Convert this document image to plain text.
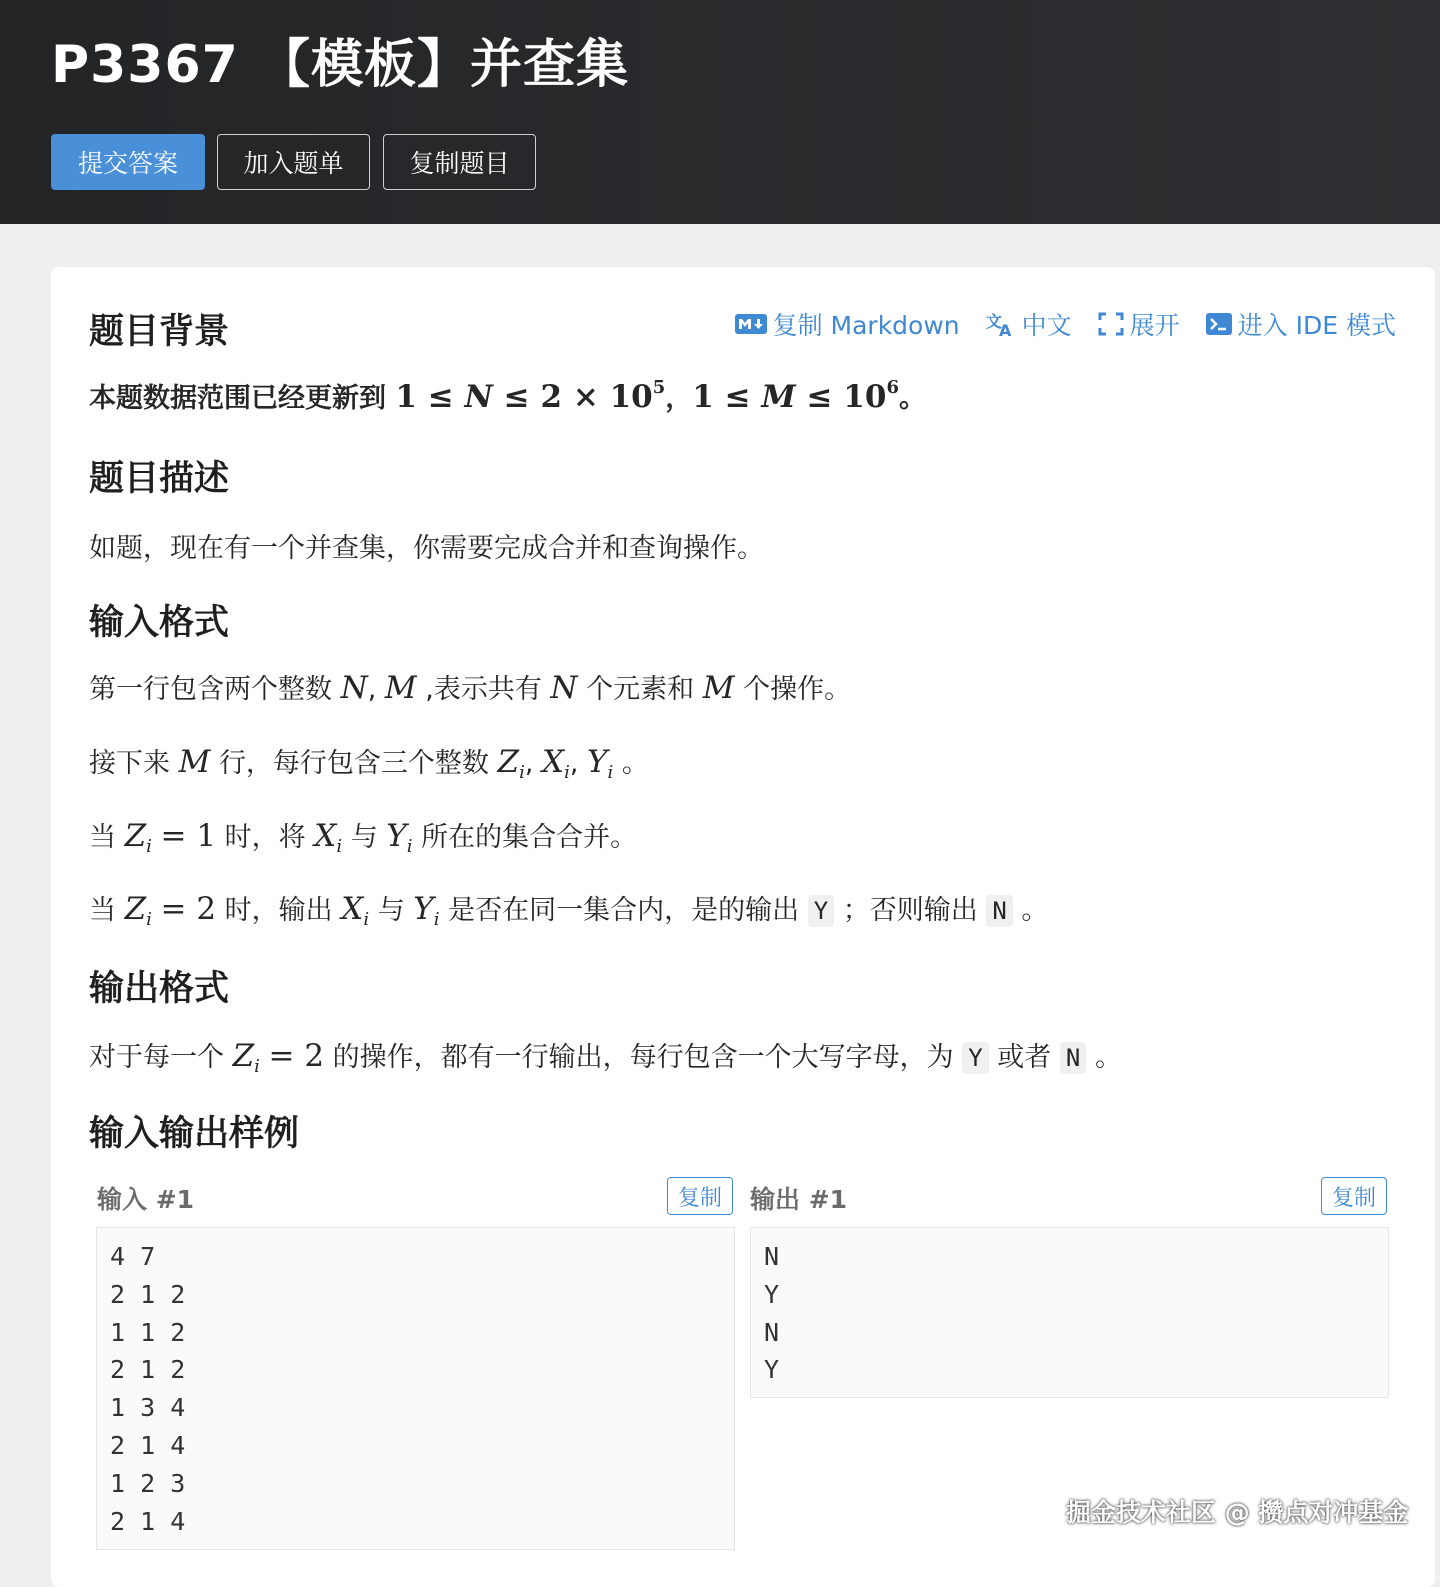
P3367 【模板】并查集
提交答案	加入题单	复制题目
复制 Markdown 文
A 中文 展开 进入 IDE 模式
题目背景

本题数据范围已经更新到 $1 \le N \le 2 \times 10^5$，$1 \le M \le 10^6$。

题目描述

如题，现在有一个并查集，你需要完成合并和查询操作。

输入格式

第一行包含两个整数 N, M ,表示共有 N 个元素和 M 个操作。

接下来 M 行，每行包含三个整数 $Z_i$, $X_i$, $Y_i$ 。

当 $Z_i = 1$ 时，将 $X_i$ 与 $Y_i$ 所在的集合合并。

当 $Z_i = 2$ 时，输出 $X_i$ 与 $Y_i$ 是否在同一集合内，是的输出 Y ；否则输出 N 。

输出格式

对于每一个 $Z_i = 2$ 的操作，都有一行输出，每行包含一个大写字母，为 Y 或者 N 。

输入输出样例
输入 #1	复制
4 7
2 1 2
1 1 2
2 1 2
1 3 4
2 1 4
1 2 3
2 1 4
输出 #1	复制
N
Y
N
Y
掘金技术社区 @ 攒点对冲基金
